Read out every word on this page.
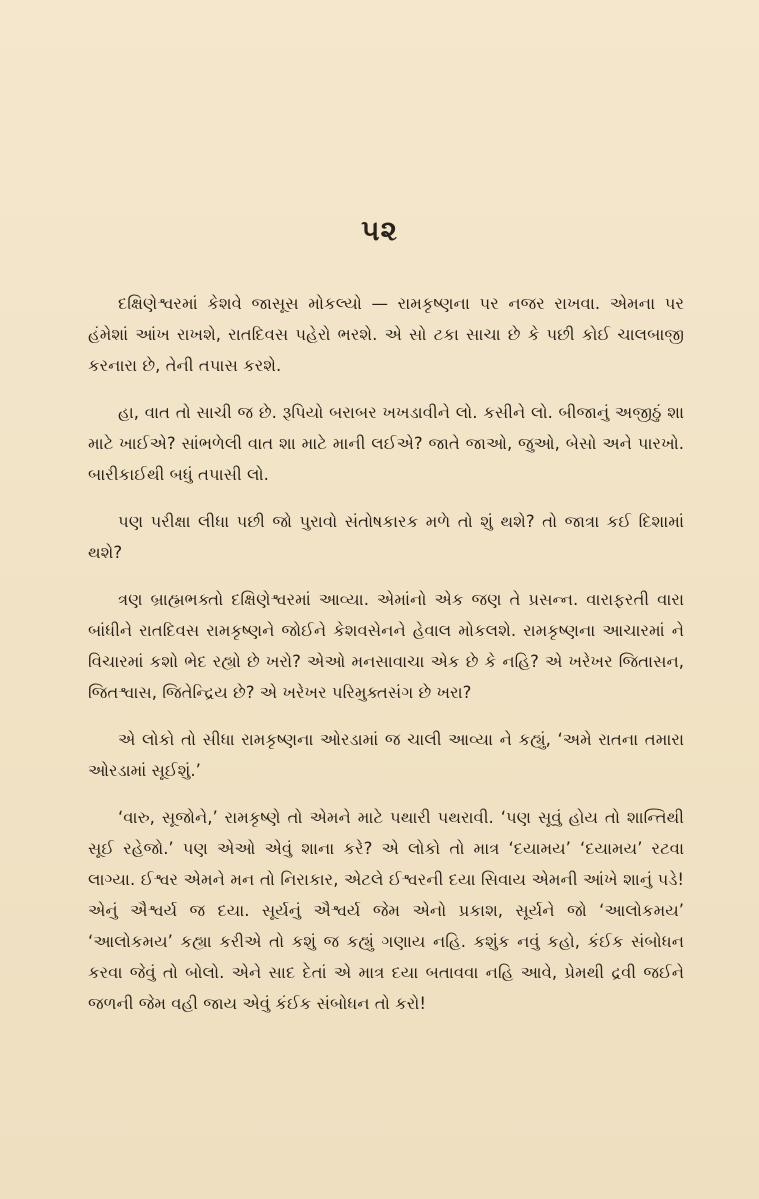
૫૨

દક્ષિણેશ્વરમાં કેશવે જાસૂસ મોકલ્યો — રામકૃષ્ણના પર નજર રાખવા. એમના પર હંમેશાં આંખ રાખશે, રાતદિવસ પહેરો ભરશે. એ સો ટકા સાચા છે કે પછી કોઈ ચાલબાજી કરનારા છે, તેની તપાસ કરશે.

હા, વાત તો સાચી જ છે. રૂપિયો બરાબર ખખડાવીને લો. કસીને લો. બીજાનું અજીઠું શા માટે ખાઈએ? સાંભળેલી વાત શા માટે માની લઈએ? જાતે જાઓ, જુઓ, બેસો અને પારખો. બારીકાઈથી બધું તપાસી લો.

પણ પરીક્ષા લીધા પછી જો પુરાવો સંતોષકારક મળે તો શું થશે? તો જાત્રા કઈ દિશામાં થશે?

ત્રણ બ્રાહ્મભક્તો દક્ષિણેશ્વરમાં આવ્યા. એમાંનો એક જણ તે પ્રસન્ન. વારાફરતી વારા બાંધીને રાતદિવસ રામકૃષ્ણને જોઈને કેશવસેનને હેવાલ મોકલશે. રામકૃષ્ણના આચારમાં ને વિચારમાં કશો ભેદ રહ્યો છે ખરો? એઓ મનસાવાચા એક છે કે નહિ? એ ખરેખર જિતાસન, જિતશ્વાસ, જિતેન્દ્રિય છે? એ ખરેખર પરિમુક્તસંગ છે ખરા?

એ લોકો તો સીધા રામકૃષ્ણના ઓરડામાં જ ચાલી આવ્યા ને કહ્યું, ‘અમે રાતના તમારા ઓરડામાં સૂઈશું.’

‘વારુ, સૂજોને,’ રામકૃષ્ણે તો એમને માટે પથારી પથરાવી. ‘પણ સૂવું હોય તો શાન્તિથી સૂઈ રહેજો.’ પણ એઓ એવું શાના કરે? એ લોકો તો માત્ર ‘દયામય’ ‘દયામય’ રટવા લાગ્યા. ઈશ્વર એમને મન તો નિરાકાર, એટલે ઈશ્વરની દયા સિવાય એમની આંખે શાનું પડે! એનું ઐશ્વર્ય જ દયા. સૂર્યનું ઐશ્વર્ય જેમ એનો પ્રકાશ, સૂર્યને જો ‘આલોકમય’ ‘આલોકમય’ કહ્યા કરીએ તો કશું જ કહ્યું ગણાય નહિ. કશુંક નવું કહો, કંઈક સંબોધન કરવા જેવું તો બોલો. એને સાદ દેતાં એ માત્ર દયા બતાવવા નહિ આવે, પ્રેમથી દ્રવી જઈને જળની જેમ વહી જાય એવું કંઈક સંબોધન તો કરો!
